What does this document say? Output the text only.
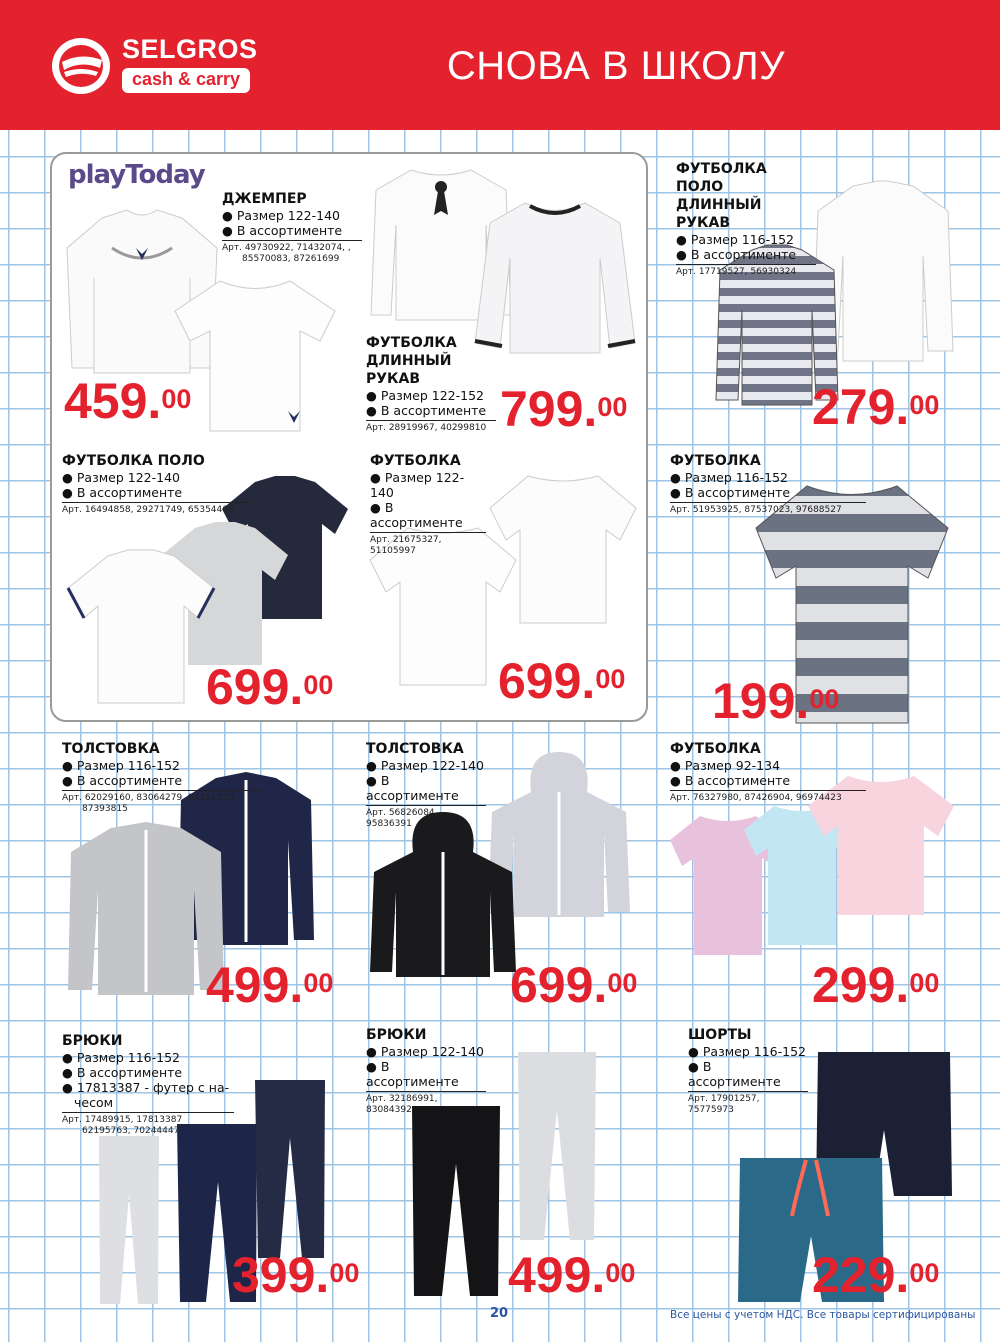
SELGROS
cash & carry	СНОВА В ШКОЛУ
playToday
ДЖЕМПЕР
● Размер 122-140
● В ассортименте
Арт. 49730922, 71432074, ,
85570083, 87261699
459.00
ФУТБОЛКА
ДЛИННЫЙ РУКАВ
● Размер 122-152
● В ассортименте
Арт. 28919967, 40299810 799.00
ФУТБОЛКА ПОЛО
ДЛИННЫЙ РУКАВ
● Размер 116-152
● В ассортименте
Арт. 17719527, 56930324
279.00
ФУТБОЛКА ПОЛО
● Размер 122-140
● В ассортименте
Арт. 16494858, 29271749, 65354466
699.00
ФУТБОЛКА
● Размер 122-140
● В ассортименте
Арт. 21675327, 51105997
699.00
ФУТБОЛКА
● Размер 116-152
● В ассортименте
Арт. 51953925, 87537023, 97688527
199.00
ТОЛСТОВКА
● Размер 116-152
● В ассортименте
Арт. 62029160, 83064279, 84181528,
87393815
499.00
ТОЛСТОВКА
● Размер 122-140
● В ассортименте
Арт. 56826084, 95836391
699.00
ФУТБОЛКА
● Размер 92-134
● В ассортименте
Арт. 76327980, 87426904, 96974423
299.00
БРЮКИ
● Размер 116-152
● В ассортименте
● 17813387 - футер с на-
чесом
Арт. 17489915, 17813387
62195763, 70244447
399.00
БРЮКИ
● Размер 122-140
● В ассортименте
Арт. 32186991, 83084392
499.00
ШОРТЫ
● Размер 116-152
● В ассортименте
Арт. 17901257, 75775973
229.00
20	Все цены с учетом НДС. Все товары сертифицированы
